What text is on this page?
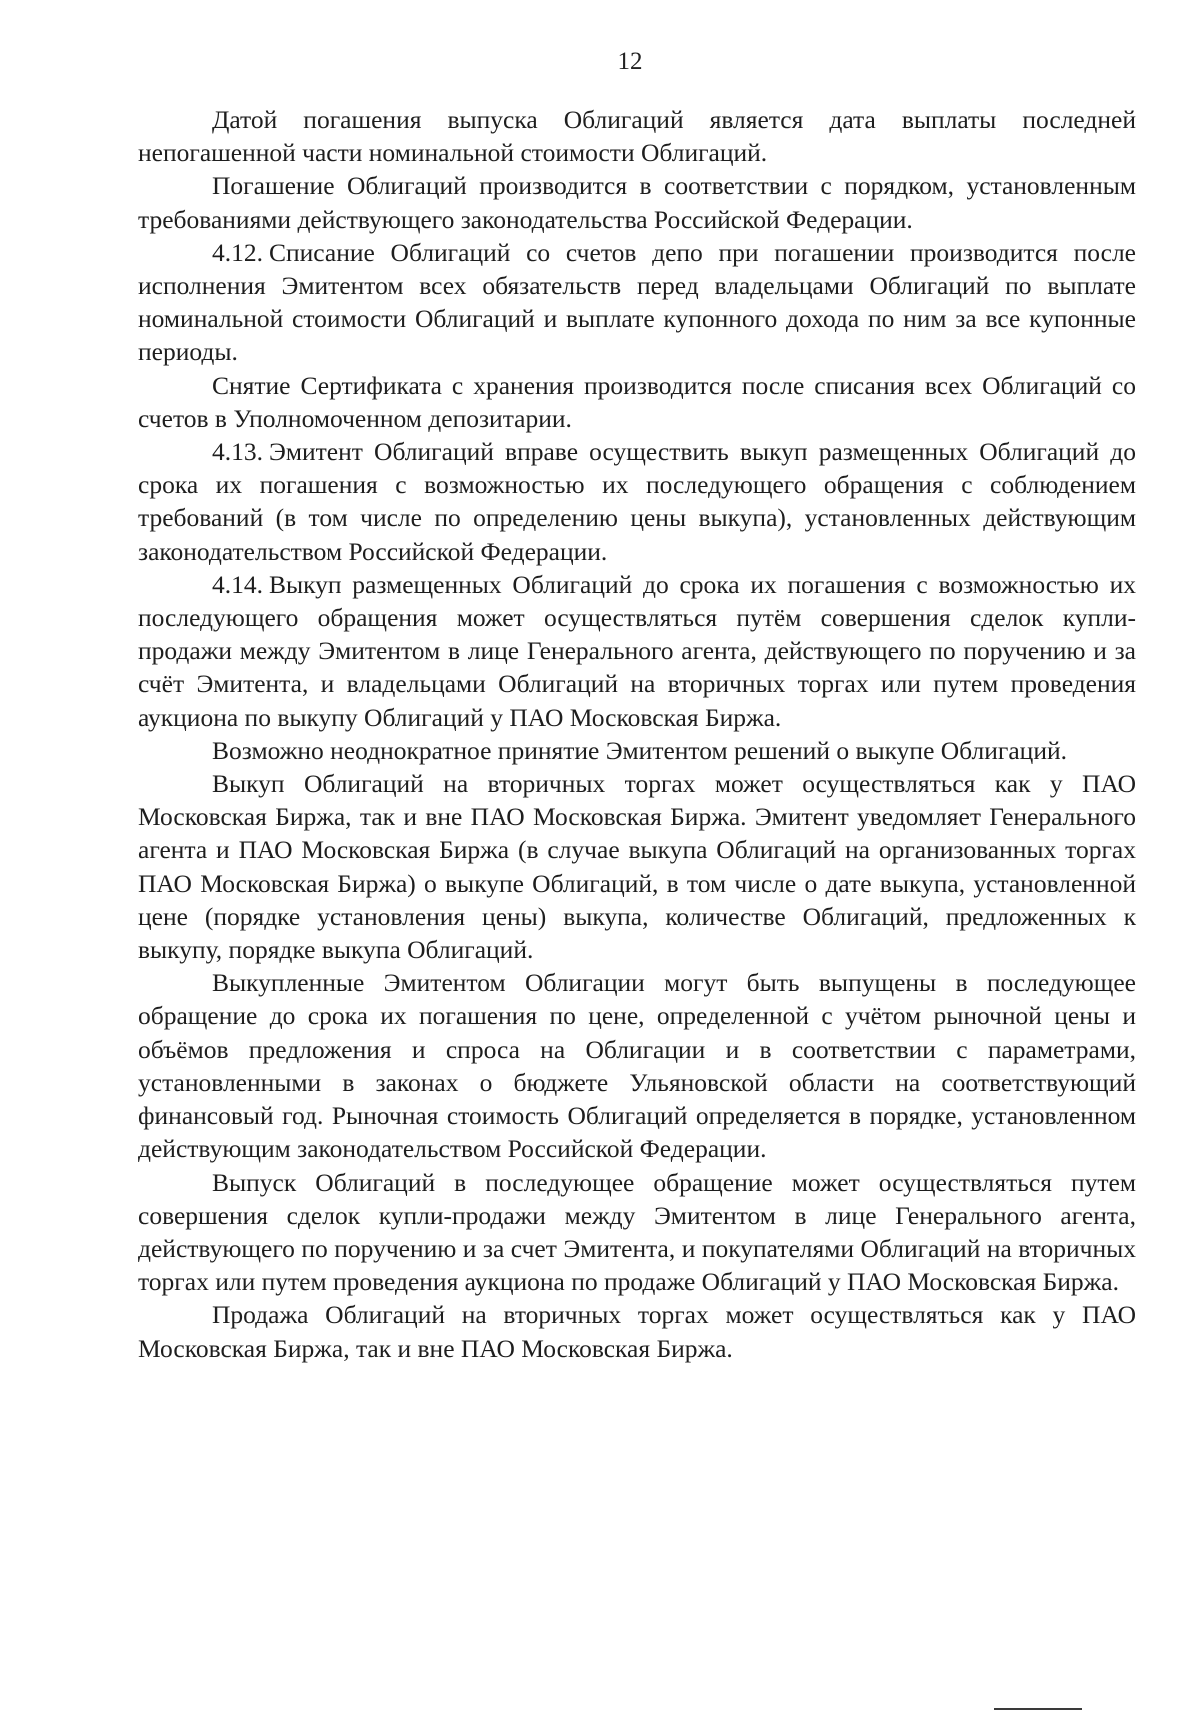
12

Датой погашения выпуска Облигаций является дата выплаты последней непогашенной части номинальной стоимости Облигаций.

Погашение Облигаций производится в соответствии с порядком, установленным требованиями действующего законодательства Российской Федерации.

4.12. Списание Облигаций со счетов депо при погашении производится после исполнения Эмитентом всех обязательств перед владельцами Облигаций по выплате номинальной стоимости Облигаций и выплате купонного дохода по ним за все купонные периоды.

Снятие Сертификата с хранения производится после списания всех Облигаций со счетов в Уполномоченном депозитарии.

4.13. Эмитент Облигаций вправе осуществить выкуп размещенных Облигаций до срока их погашения с возможностью их последующего обращения с соблюдением требований (в том числе по определению цены выкупа), установленных действующим законодательством Российской Федерации.

4.14. Выкуп размещенных Облигаций до срока их погашения с возможностью их последующего обращения может осуществляться путём совершения сделок купли-продажи между Эмитентом в лице Генерального агента, действующего по поручению и за счёт Эмитента, и владельцами Облигаций на вторичных торгах или путем проведения аукциона по выкупу Облигаций у ПАО Московская Биржа.

Возможно неоднократное принятие Эмитентом решений о выкупе Облигаций.

Выкуп Облигаций на вторичных торгах может осуществляться как у ПАО Московская Биржа, так и вне ПАО Московская Биржа. Эмитент уведомляет Генерального агента и ПАО Московская Биржа (в случае выкупа Облигаций на организованных торгах ПАО Московская Биржа) о выкупе Облигаций, в том числе о дате выкупа, установленной цене (порядке установления цены) выкупа, количестве Облигаций, предложенных к выкупу, порядке выкупа Облигаций.

Выкупленные Эмитентом Облигации могут быть выпущены в последующее обращение до срока их погашения по цене, определенной с учётом рыночной цены и объёмов предложения и спроса на Облигации и в соответствии с параметрами, установленными в законах о бюджете Ульяновской области на соответствующий финансовый год. Рыночная стоимость Облигаций определяется в порядке, установленном действующим законодательством Российской Федерации.

Выпуск Облигаций в последующее обращение может осуществляться путем совершения сделок купли-продажи между Эмитентом в лице Генерального агента, действующего по поручению и за счет Эмитента, и покупателями Облигаций на вторичных торгах или путем проведения аукциона по продаже Облигаций у ПАО Московская Биржа.

Продажа Облигаций на вторичных торгах может осуществляться как у ПАО Московская Биржа, так и вне ПАО Московская Биржа.
